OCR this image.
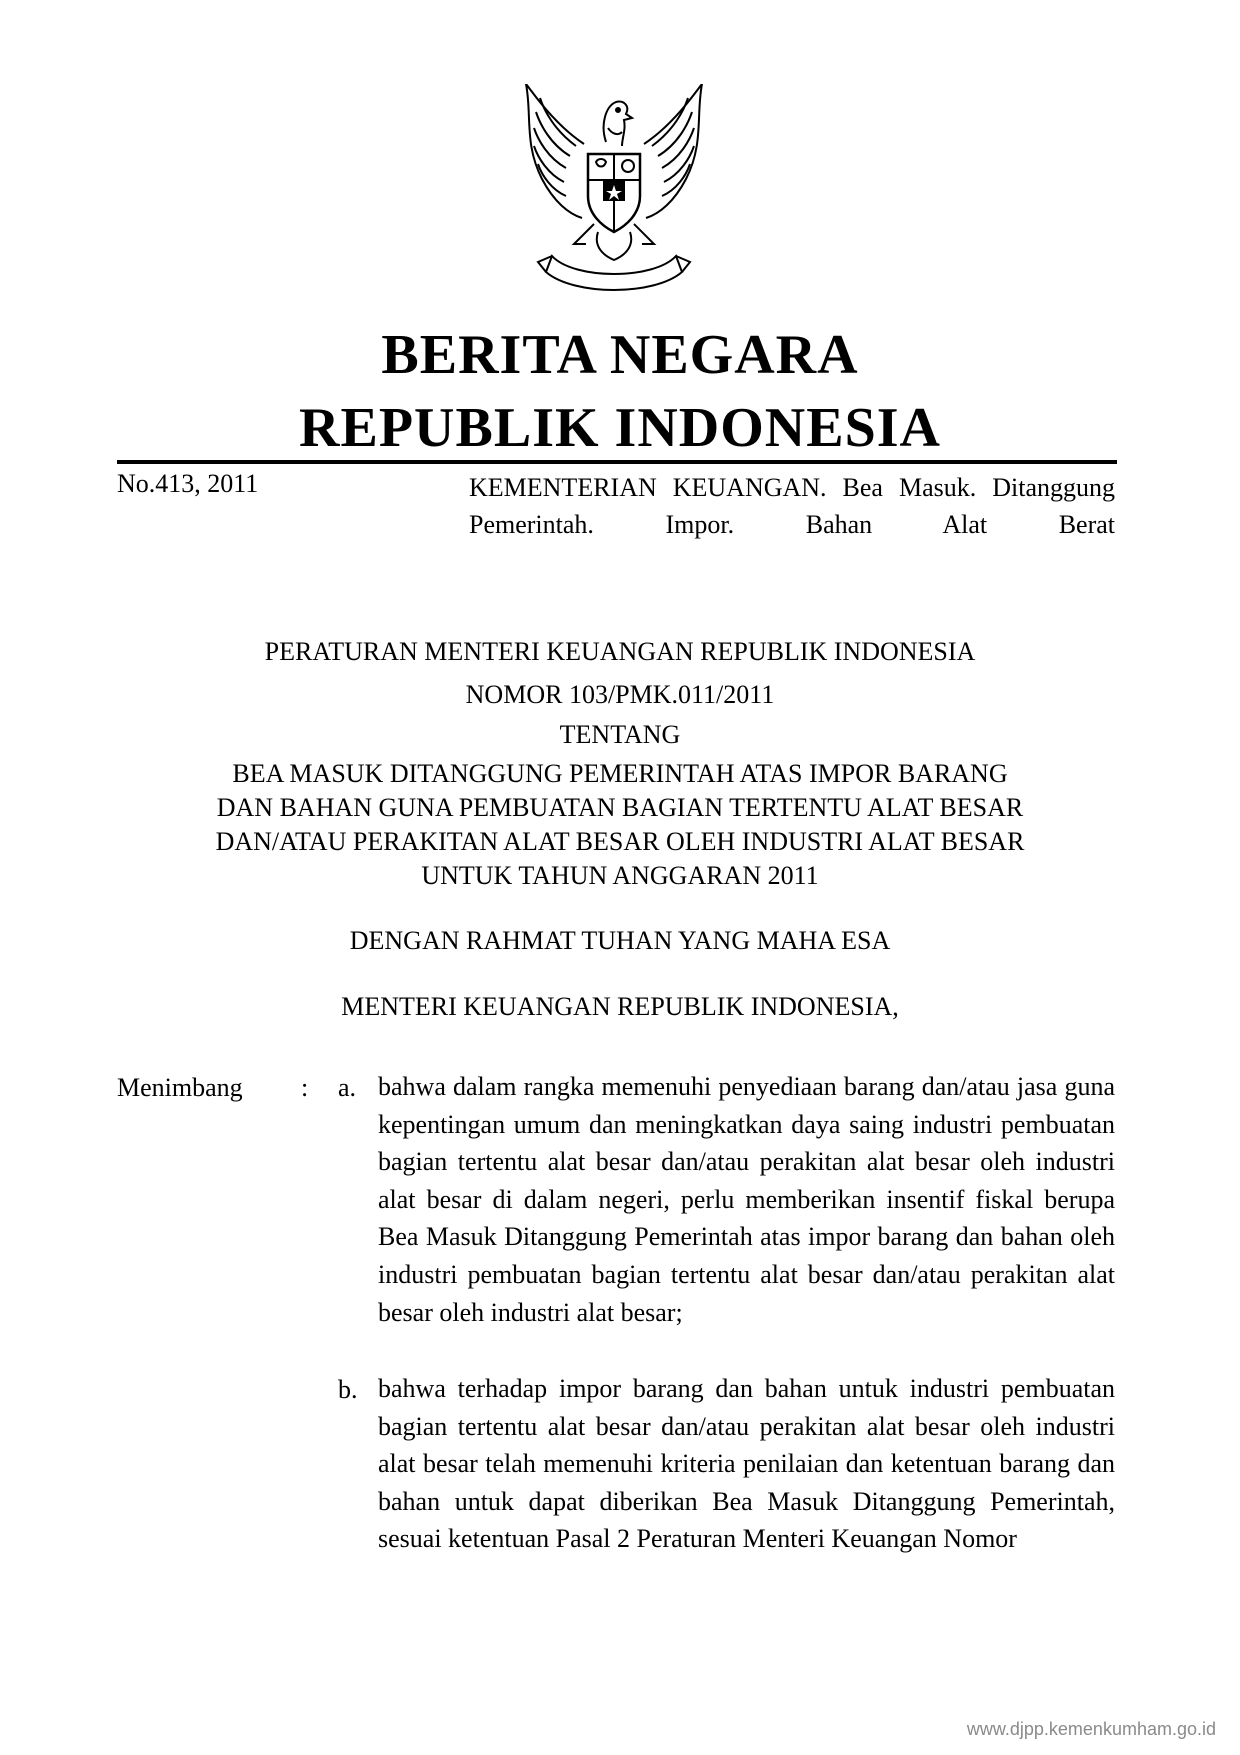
BERITA NEGARA
REPUBLIK INDONESIA
No.413, 2011	KEMENTERIAN KEUANGAN. Bea Masuk. Ditanggung Pemerintah. Impor. Bahan Alat Berat
PERATURAN MENTERI KEUANGAN REPUBLIK INDONESIA
NOMOR 103/PMK.011/2011
TENTANG
BEA MASUK DITANGGUNG PEMERINTAH ATAS IMPOR BARANG
DAN BAHAN GUNA PEMBUATAN BAGIAN TERTENTU ALAT BESAR
DAN/ATAU PERAKITAN ALAT BESAR OLEH INDUSTRI ALAT BESAR
UNTUK TAHUN ANGGARAN 2011
DENGAN RAHMAT TUHAN YANG MAHA ESA
MENTERI KEUANGAN REPUBLIK INDONESIA,
Menimbang : a. bahwa dalam rangka memenuhi penyediaan barang dan/atau jasa guna kepentingan umum dan meningkatkan daya saing industri pembuatan bagian tertentu alat besar dan/atau perakitan alat besar oleh industri alat besar di dalam negeri, perlu memberikan insentif fiskal berupa Bea Masuk Ditanggung Pemerintah atas impor barang dan bahan oleh industri pembuatan bagian tertentu alat besar dan/atau perakitan alat besar oleh industri alat besar;
b. bahwa terhadap impor barang dan bahan untuk industri pembuatan bagian tertentu alat besar dan/atau perakitan alat besar oleh industri alat besar telah memenuhi kriteria penilaian dan ketentuan barang dan bahan untuk dapat diberikan Bea Masuk Ditanggung Pemerintah, sesuai ketentuan Pasal 2 Peraturan Menteri Keuangan Nomor
www.djpp.kemenkumham.go.id
